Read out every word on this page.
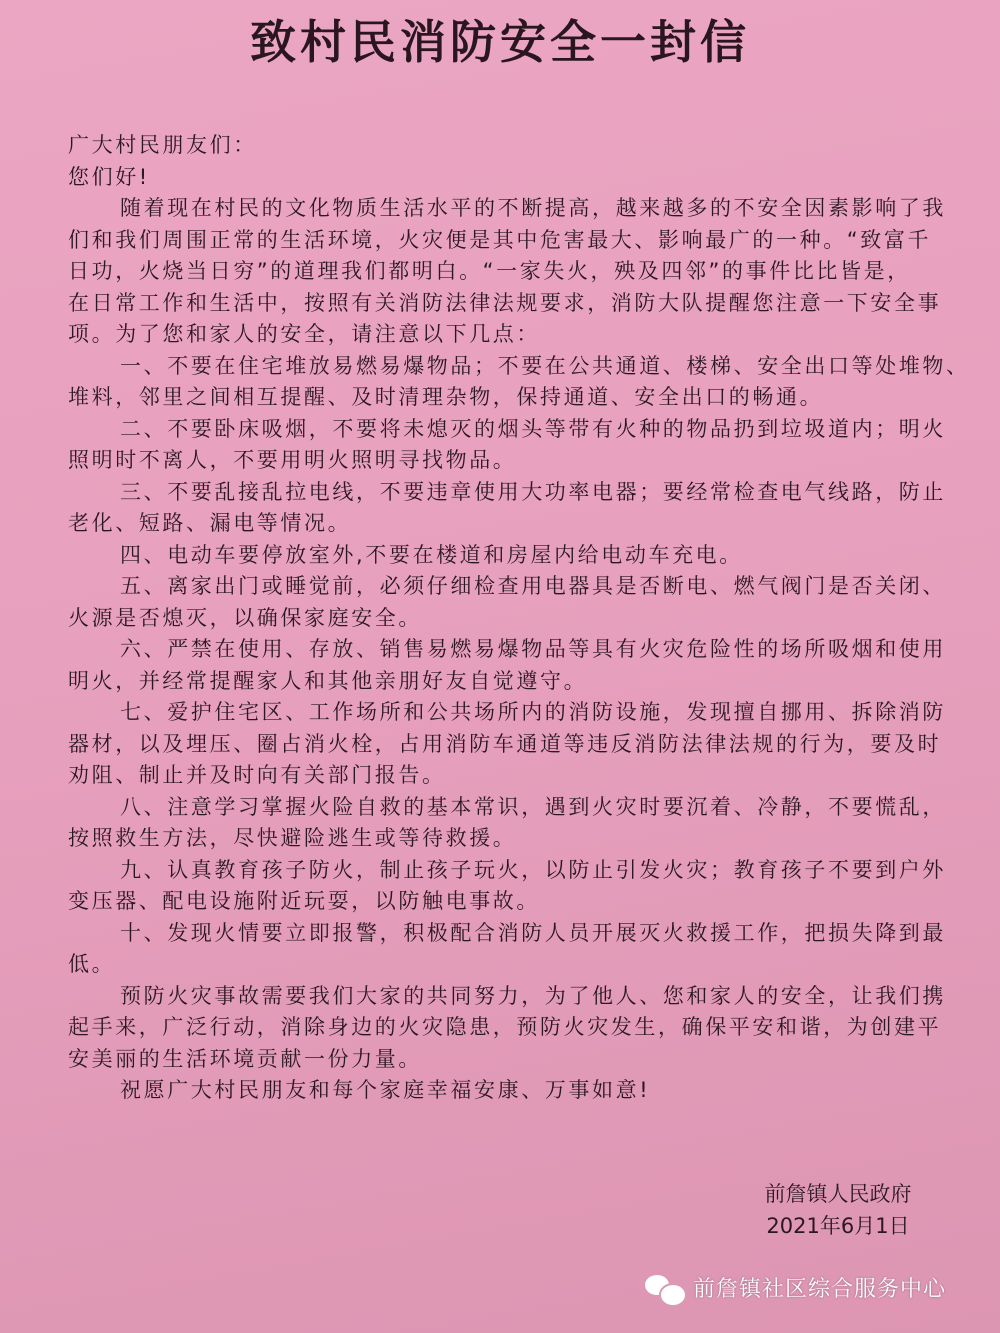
致村民消防安全一封信
广大村民朋友们：
您们好!
随着现在村民的文化物质生活水平的不断提高，越来越多的不安全因素影响了我
们和我们周围正常的生活环境，火灾便是其中危害最大、影响最广的一种。“致富千
日功，火烧当日穷”的道理我们都明白。“一家失火，殃及四邻”的事件比比皆是，
在日常工作和生活中，按照有关消防法律法规要求，消防大队提醒您注意一下安全事
项。为了您和家人的安全，请注意以下几点：
一、不要在住宅堆放易燃易爆物品；不要在公共通道、楼梯、安全出口等处堆物、
堆料，邻里之间相互提醒、及时清理杂物，保持通道、安全出口的畅通。
二、不要卧床吸烟，不要将未熄灭的烟头等带有火种的物品扔到垃圾道内；明火
照明时不离人，不要用明火照明寻找物品。
三、不要乱接乱拉电线，不要违章使用大功率电器；要经常检查电气线路，防止
老化、短路、漏电等情况。
四、电动车要停放室外,不要在楼道和房屋内给电动车充电。
五、离家出门或睡觉前，必须仔细检查用电器具是否断电、燃气阀门是否关闭、
火源是否熄灭，以确保家庭安全。
六、严禁在使用、存放、销售易燃易爆物品等具有火灾危险性的场所吸烟和使用
明火，并经常提醒家人和其他亲朋好友自觉遵守。
七、爱护住宅区、工作场所和公共场所内的消防设施，发现擅自挪用、拆除消防
器材，以及埋压、圈占消火栓，占用消防车通道等违反消防法律法规的行为，要及时
劝阻、制止并及时向有关部门报告。
八、注意学习掌握火险自救的基本常识，遇到火灾时要沉着、冷静，不要慌乱，
按照救生方法，尽快避险逃生或等待救援。
九、认真教育孩子防火，制止孩子玩火，以防止引发火灾；教育孩子不要到户外
变压器、配电设施附近玩耍，以防触电事故。
十、发现火情要立即报警，积极配合消防人员开展灭火救援工作，把损失降到最
低。
预防火灾事故需要我们大家的共同努力，为了他人、您和家人的安全，让我们携
起手来，广泛行动，消除身边的火灾隐患，预防火灾发生，确保平安和谐，为创建平
安美丽的生活环境贡献一份力量。
祝愿广大村民朋友和每个家庭幸福安康、万事如意!
前詹镇人民政府
2021年6月1日
前詹镇社区综合服务中心
